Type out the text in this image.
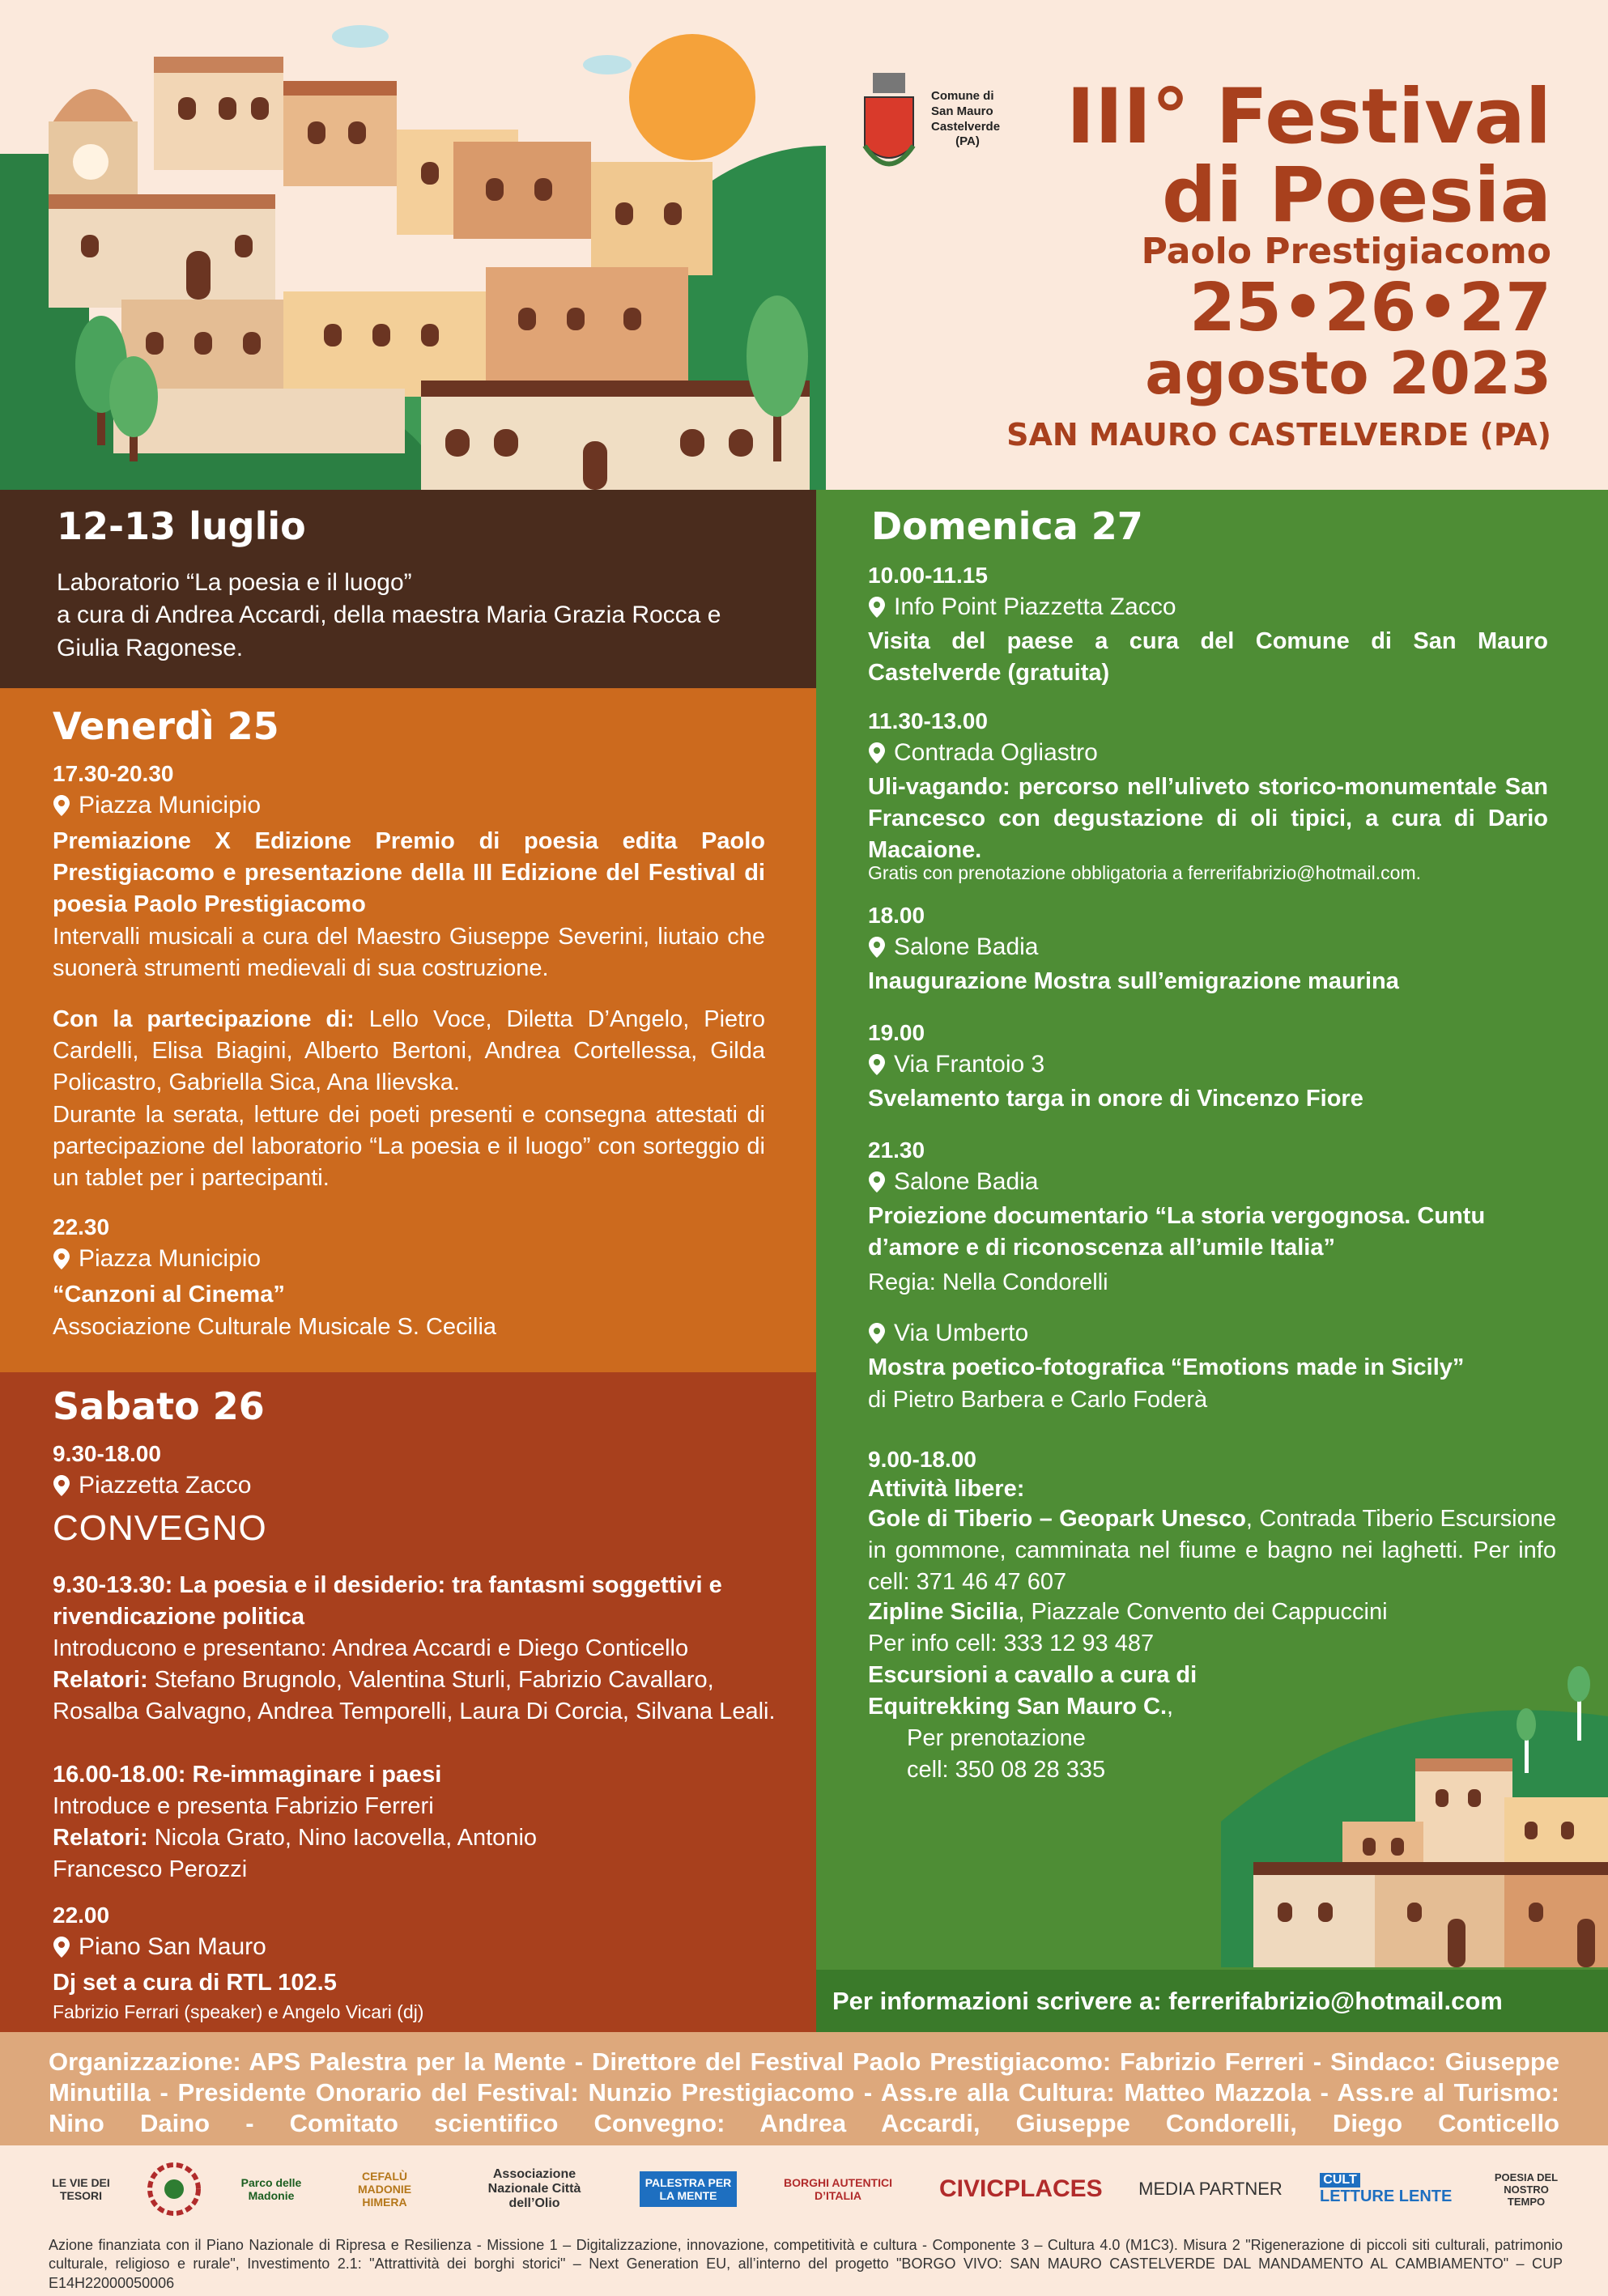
Comune di
San Mauro
Castelverde
(PA)	III° Festival
di Poesia
Paolo Prestigiacomo
25•26•27
agosto 2023
SAN MAURO CASTELVERDE (PA)
12-13 luglio
Laboratorio “La poesia e il luogo”
a cura di Andrea Accardi, della maestra Maria Grazia Rocca e Giulia Ragonese.
Venerdì 25
17.30-20.30
Piazza Municipio
Premiazione X Edizione Premio di poesia edita Paolo Prestigiacomo e presentazione della III Edizione del Festival di poesia Paolo Prestigiacomo
Intervalli musicali a cura del Maestro Giuseppe Severini, liutaio che suonerà strumenti medievali di sua costruzione.
Con la partecipazione di: Lello Voce, Diletta D’Angelo, Pietro Cardelli, Elisa Biagini, Alberto Bertoni, Andrea Cortellessa, Gilda Policastro, Gabriella Sica, Ana Ilievska.
Durante la serata, letture dei poeti presenti e consegna attestati di partecipazione del laboratorio “La poesia e il luogo” con sorteggio di un tablet per i partecipanti.
22.30
Piazza Municipio
“Canzoni al Cinema”
Associazione Culturale Musicale S. Cecilia
Sabato 26
9.30-18.00
Piazzetta Zacco
CONVEGNO
9.30-13.30: La poesia e il desiderio: tra fantasmi soggettivi e rivendicazione politica
Introducono e presentano: Andrea Accardi e Diego Conticello
Relatori: Stefano Brugnolo, Valentina Sturli, Fabrizio Cavallaro, Rosalba Galvagno, Andrea Temporelli, Laura Di Corcia, Silvana Leali.
16.00-18.00: Re-immaginare i paesi
Introduce e presenta Fabrizio Ferreri
Relatori: Nicola Grato, Nino Iacovella, Antonio Francesco Perozzi
22.00
Piano San Mauro
Dj set a cura di RTL 102.5
Fabrizio Ferrari (speaker) e Angelo Vicari (dj)
Domenica 27
10.00-11.15
Info Point Piazzetta Zacco
Visita del paese a cura del Comune di San Mauro Castelverde (gratuita)
11.30-13.00
Contrada Ogliastro
Uli-vagando: percorso nell’uliveto storico-monumentale San Francesco con degustazione di oli tipici, a cura di Dario Macaione.
Gratis con prenotazione obbligatoria a ferrerifabrizio@hotmail.com.
18.00
Salone Badia
Inaugurazione Mostra sull’emigrazione maurina
19.00
Via Frantoio 3
Svelamento targa in onore di Vincenzo Fiore
21.30
Salone Badia
Proiezione documentario “La storia vergognosa. Cuntu d’amore e di riconoscenza all’umile Italia”
Regia: Nella Condorelli
Via Umberto
Mostra poetico-fotografica “Emotions made in Sicily”
di Pietro Barbera e Carlo Foderà
9.00-18.00
Attività libere:
Gole di Tiberio – Geopark Unesco, Contrada Tiberio Escursione in gommone, camminata nel fiume e bagno nei laghetti. Per info cell: 371 46 47 607
Zipline Sicilia, Piazzale Convento dei Cappuccini
Per info cell: 333 12 93 487
Escursioni a cavallo a cura di Equitrekking San Mauro C.,
Per prenotazione
cell: 350 08 28 335
Per informazioni scrivere a: ferrerifabrizio@hotmail.com
Organizzazione: APS Palestra per la Mente - Direttore del Festival Paolo Prestigiacomo: Fabrizio Ferreri - Sindaco: Giuseppe Minutilla - Presidente Onorario del Festival: Nunzio Prestigiacomo - Ass.re alla Cultura: Matteo Mazzola - Ass.re al Turismo: Nino Daino - Comitato scientifico Convegno: Andrea Accardi, Giuseppe Condorelli, Diego Conticello
LE VIE DEI TESORI
Parco delle Madonie
CEFALÙ MADONIE HIMERA
Associazione Nazionale Città dell’Olio
PALESTRA PER LA MENTE
BORGHI AUTENTICI D’ITALIA	CIVICPLACES MEDIA PARTNER	CULT
LETTURE LENTE
POESIA DEL NOSTRO TEMPO
Azione finanziata con il Piano Nazionale di Ripresa e Resilienza - Missione 1 – Digitalizzazione, innovazione, competitività e cultura - Componente 3 – Cultura 4.0 (M1C3). Misura 2 "Rigenerazione di piccoli siti culturali, patrimonio culturale, religioso e rurale", Investimento 2.1: "Attrattività dei borghi storici" – Next Generation EU, all’interno del progetto "BORGO VIVO: SAN MAURO CASTELVERDE DAL MANDAMENTO AL CAMBIAMENTO" – CUP E14H22000050006
